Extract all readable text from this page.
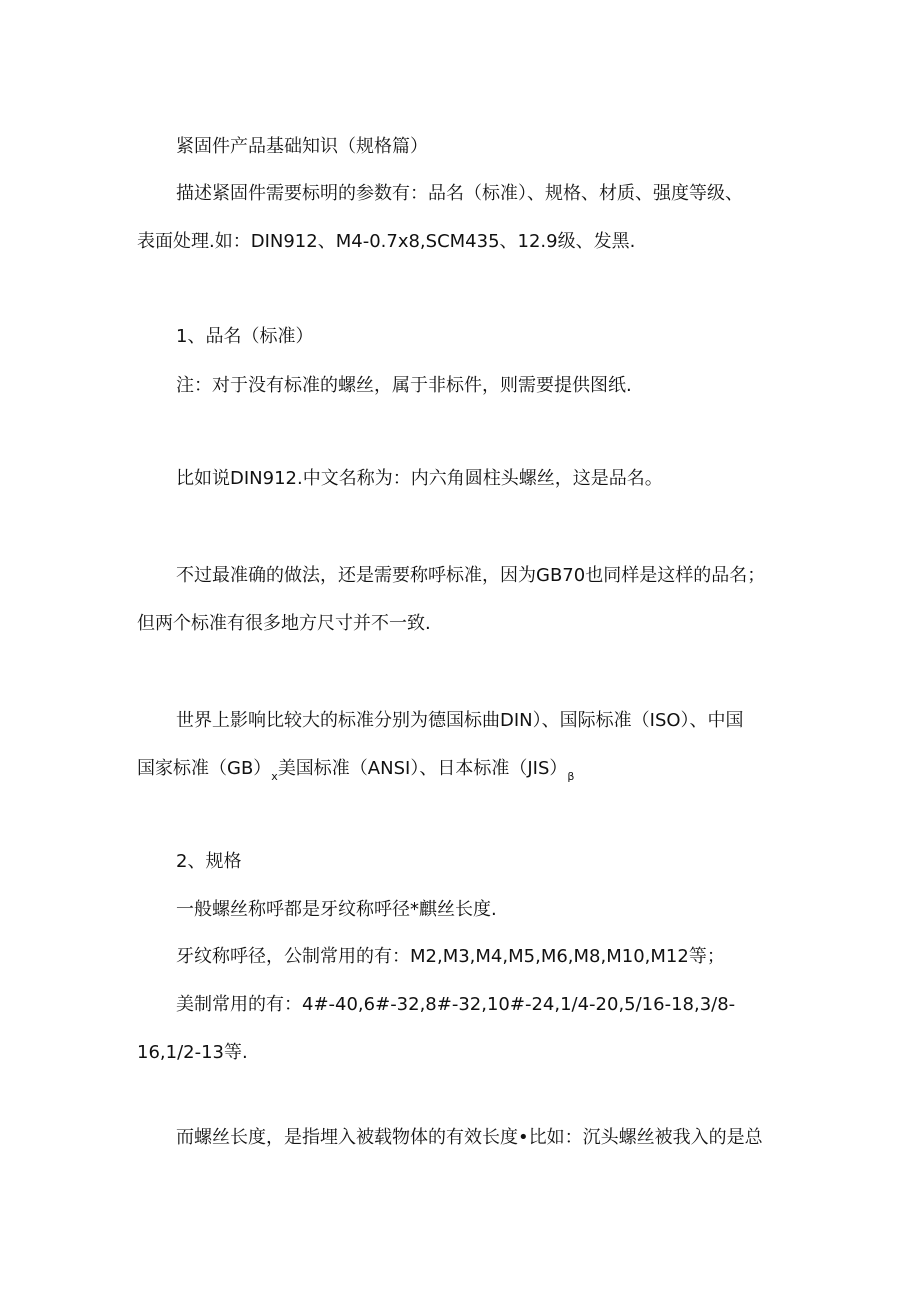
紧固件产品基础知识（规格篇）
描述紧固件需要标明的参数有：品名（标准）、规格、材质、强度等级、
表面处理.如：DIN912、M4-0.7x8,SCM435、12.9级、发黑.
1、品名（标准）
注：对于没有标准的螺丝，属于非标件，则需要提供图纸.
比如说DIN912.中文名称为：内六角圆柱头螺丝，这是品名。
不过最准确的做法，还是需要称呼标准，因为GB70也同样是这样的品名；
但两个标准有很多地方尺寸并不一致.
世界上影响比较大的标准分别为德国标曲DIN）、国际标准（ISO）、中国
国家标准$(GB)_x$美国标准（ANSI）、日本标准$(JIS)_\beta$
2、规格
一般螺丝称呼都是牙纹称呼径*麒丝长度.
牙纹称呼径，公制常用的有：M2,M3,M4,M5,M6,M8,M10,M12等；
美制常用的有：4#-40,6#-32,8#-32,10#-24,1/4-20,5/16-18,3/8-
16,1/2-13等.
而螺丝长度，是指埋入被载物体的有效长度•比如：沉头螺丝被我入的是总
